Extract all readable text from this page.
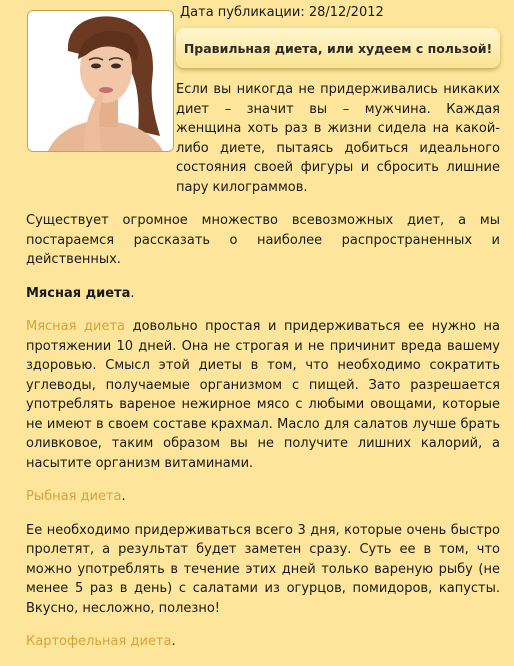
Дата публикации: 28/12/2012
Правильная диета, или худеем с пользой!

Если вы никогда не придерживались никаких диет – значит вы – мужчина. Каждая женщина хоть раз в жизни сидела на какой-либо диете, пытаясь добиться идеального состояния своей фигуры и сбросить лишние пару килограммов.

Существует огромное множество всевозможных диет, а мы постараемся рассказать о наиболее распространенных и действенных.

Мясная диета.

Мясная диета довольно простая и придерживаться ее нужно на протяжении 10 дней. Она не строгая и не причинит вреда вашему здоровью. Смысл этой диеты в том, что необходимо сократить углеводы, получаемые организмом с пищей. Зато разрешается употреблять вареное нежирное мясо с любыми овощами, которые не имеют в своем составе крахмал. Масло для салатов лучше брать оливковое, таким образом вы не получите лишних калорий, а насытите организм витаминами.

Рыбная диета.

Ее необходимо придерживаться всего 3 дня, которые очень быстро пролетят, а результат будет заметен сразу. Суть ее в том, что можно употреблять в течение этих дней только вареную рыбу (не менее 5 раз в день) с салатами из огурцов, помидоров, капусты. Вкусно, несложно, полезно!

Картофельная диета.
